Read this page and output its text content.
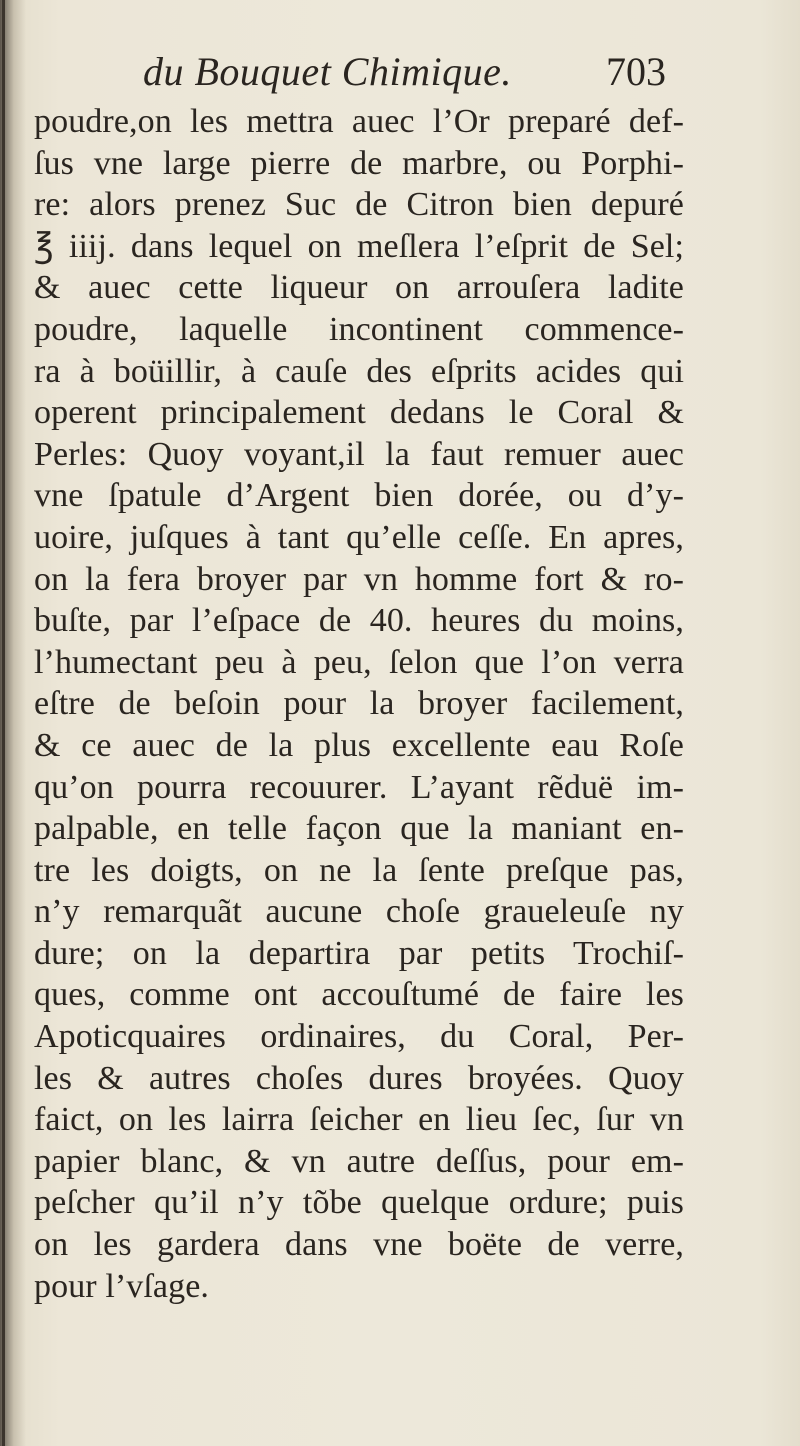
du Bouquet Chimique. 703
poudre,on les mettra auec l’Or preparé def-
ſus vne large pierre de marbre, ou Porphi-
re: alors prenez Suc de Citron bien depuré
℥ iiij. dans lequel on meſlera l’eſprit de Sel;
& auec cette liqueur on arrouſera ladite
poudre, laquelle incontinent commence-
ra à boüillir, à cauſe des eſprits acides qui
operent principalement dedans le Coral &
Perles: Quoy voyant,il la faut remuer auec
vne ſpatule d’Argent bien dorée, ou d’y-
uoire, juſques à tant qu’elle ceſſe. En apres,
on la fera broyer par vn homme fort & ro-
buſte, par l’eſpace de 40. heures du moins,
l’humectant peu à peu, ſelon que l’on verra
eſtre de beſoin pour la broyer facilement,
& ce auec de la plus excellente eau Roſe
qu’on pourra recouurer. L’ayant rẽduë im-
palpable, en telle façon que la maniant en-
tre les doigts, on ne la ſente preſque pas,
n’y remarquãt aucune choſe graueleuſe ny
dure; on la departira par petits Trochiſ-
ques, comme ont accouſtumé de faire les
Apoticquaires ordinaires, du Coral, Per-
les & autres choſes dures broyées. Quoy
faict, on les lairra ſeicher en lieu ſec, ſur vn
papier blanc, & vn autre deſſus, pour em-
peſcher qu’il n’y tõbe quelque ordure; puis
on les gardera dans vne boëte de verre,
pour l’vſage.
